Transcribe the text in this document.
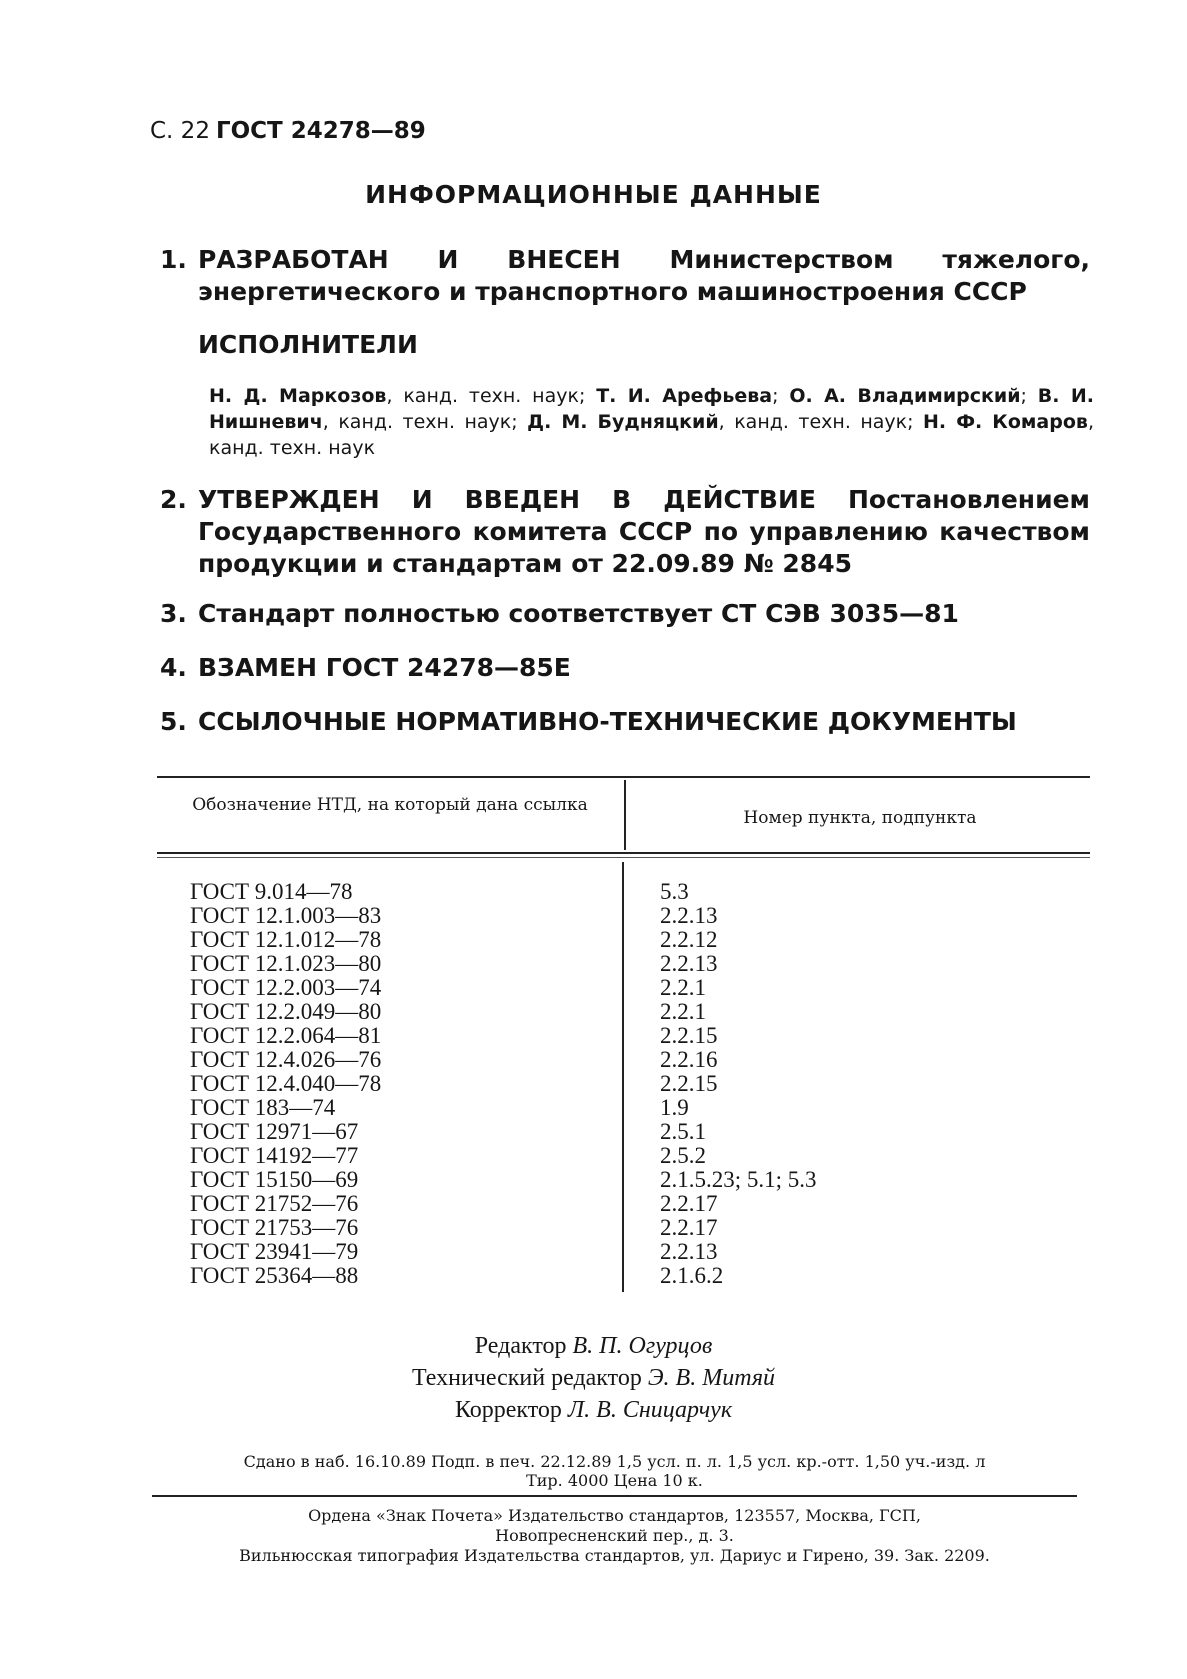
С. 22 ГОСТ 24278—89
ИНФОРМАЦИОННЫЕ ДАННЫЕ
1. РАЗРАБОТАН И ВНЕСЕН Министерством тяжелого, энергетического и транспортного машиностроения СССР
ИСПОЛНИТЕЛИ
Н. Д. Маркозов, канд. техн. наук; Т. И. Арефьева; О. А. Владимирский; В. И. Нишневич, канд. техн. наук; Д. М. Будняцкий, канд. техн. наук; Н. Ф. Комаров, канд. техн. наук
2. УТВЕРЖДЕН И ВВЕДЕН В ДЕЙСТВИЕ Постановлением Государственного комитета СССР по управлению качеством продукции и стандартам от 22.09.89 № 2845
3. Стандарт полностью соответствует СТ СЭВ 3035—81
4. ВЗАМЕН ГОСТ 24278—85Е
5. ССЫЛОЧНЫЕ НОРМАТИВНО-ТЕХНИЧЕСКИЕ ДОКУМЕНТЫ
Обозначение НТД, на который дана ссылка
Номер пункта, подпункта
ГОСТ 9.014—78
ГОСТ 12.1.003—83
ГОСТ 12.1.012—78
ГОСТ 12.1.023—80
ГОСТ 12.2.003—74
ГОСТ 12.2.049—80
ГОСТ 12.2.064—81
ГОСТ 12.4.026—76
ГОСТ 12.4.040—78
ГОСТ 183—74
ГОСТ 12971—67
ГОСТ 14192—77
ГОСТ 15150—69
ГОСТ 21752—76
ГОСТ 21753—76
ГОСТ 23941—79
ГОСТ 25364—88
5.3
2.2.13
2.2.12
2.2.13
2.2.1
2.2.1
2.2.15
2.2.16
2.2.15
1.9
2.5.1
2.5.2
2.1.5.23; 5.1; 5.3
2.2.17
2.2.17
2.2.13
2.1.6.2
Редактор В. П. Огурцов
Технический редактор Э. В. Митяй
Корректор Л. В. Сницарчук
Сдано в наб. 16.10.89 Подп. в печ. 22.12.89 1,5 усл. п. л. 1,5 усл. кр.-отт. 1,50 уч.-изд. л
Тир. 4000 Цена 10 к.
Ордена «Знак Почета» Издательство стандартов, 123557, Москва, ГСП,
Новопресненский пер., д. 3.
Вильнюсская типография Издательства стандартов, ул. Дариус и Гирено, 39. Зак. 2209.
